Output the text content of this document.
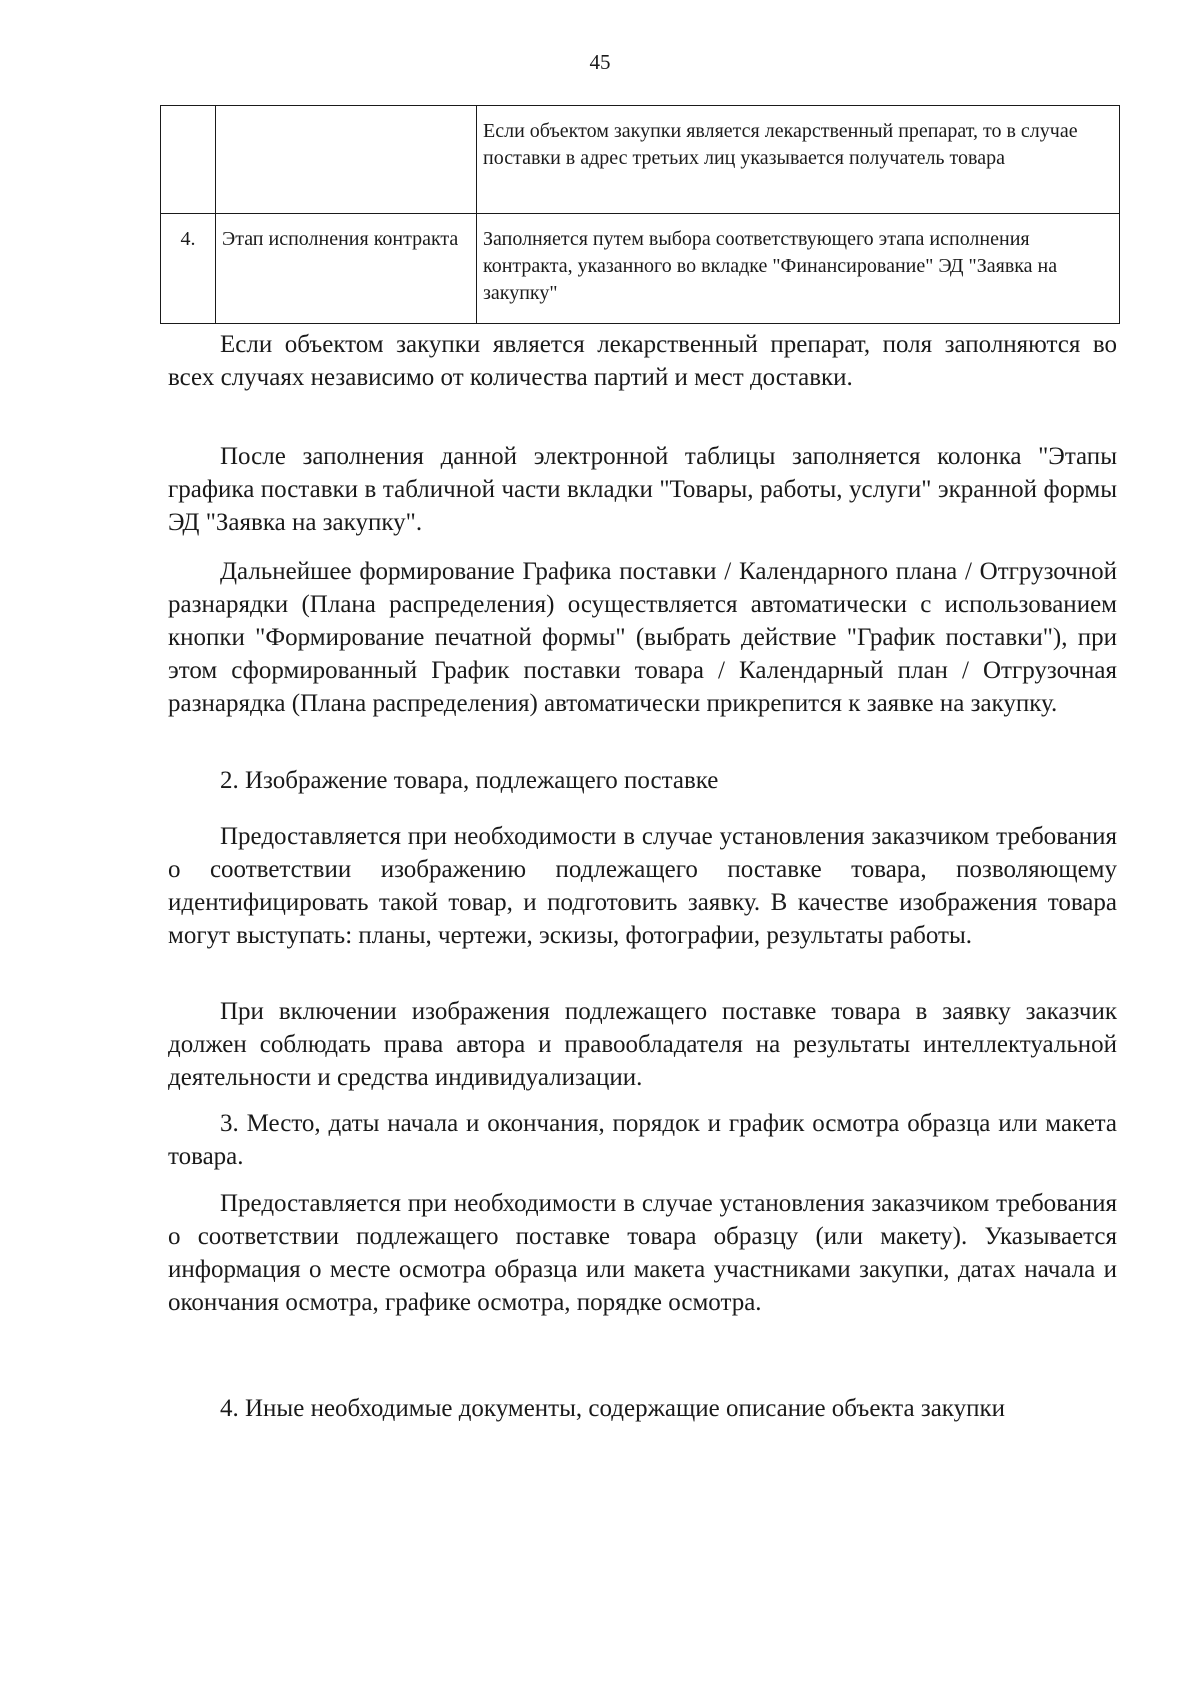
45
		Если объектом закупки является лекарственный препарат, то в случае поставки в адрес третьих лиц указывается получатель товара
4.	Этап исполнения контракта	Заполняется путем выбора соответствующего этапа исполнения контракта, указанного во вкладке "Финансирование" ЭД "Заявка на закупку"

Если объектом закупки является лекарственный препарат, поля заполняются во всех случаях независимо от количества партий и мест доставки.

После заполнения данной электронной таблицы заполняется колонка "Этапы графика поставки в табличной части вкладки "Товары, работы, услуги" экранной формы ЭД "Заявка на закупку".

Дальнейшее формирование Графика поставки / Календарного плана / Отгрузочной разнарядки (Плана распределения) осуществляется автоматически с использованием кнопки "Формирование печатной формы" (выбрать действие "График поставки"), при этом сформированный График поставки товара / Календарный план / Отгрузочная разнарядка (Плана распределения) автоматически прикрепится к заявке на закупку.

2. Изображение товара, подлежащего поставке

Предоставляется при необходимости в случае установления заказчиком требования о соответствии изображению подлежащего поставке товара, позволяющему идентифицировать такой товар, и подготовить заявку. В качестве изображения товара могут выступать: планы, чертежи, эскизы, фотографии, результаты работы.

При включении изображения подлежащего поставке товара в заявку заказчик должен соблюдать права автора и правообладателя на результаты интеллектуальной деятельности и средства индивидуализации.

3. Место, даты начала и окончания, порядок и график осмотра образца или макета товара.

Предоставляется при необходимости в случае установления заказчиком требования о соответствии подлежащего поставке товара образцу (или макету). Указывается информация о месте осмотра образца или макета участниками закупки, датах начала и окончания осмотра, графике осмотра, порядке осмотра.

4. Иные необходимые документы, содержащие описание объекта закупки
